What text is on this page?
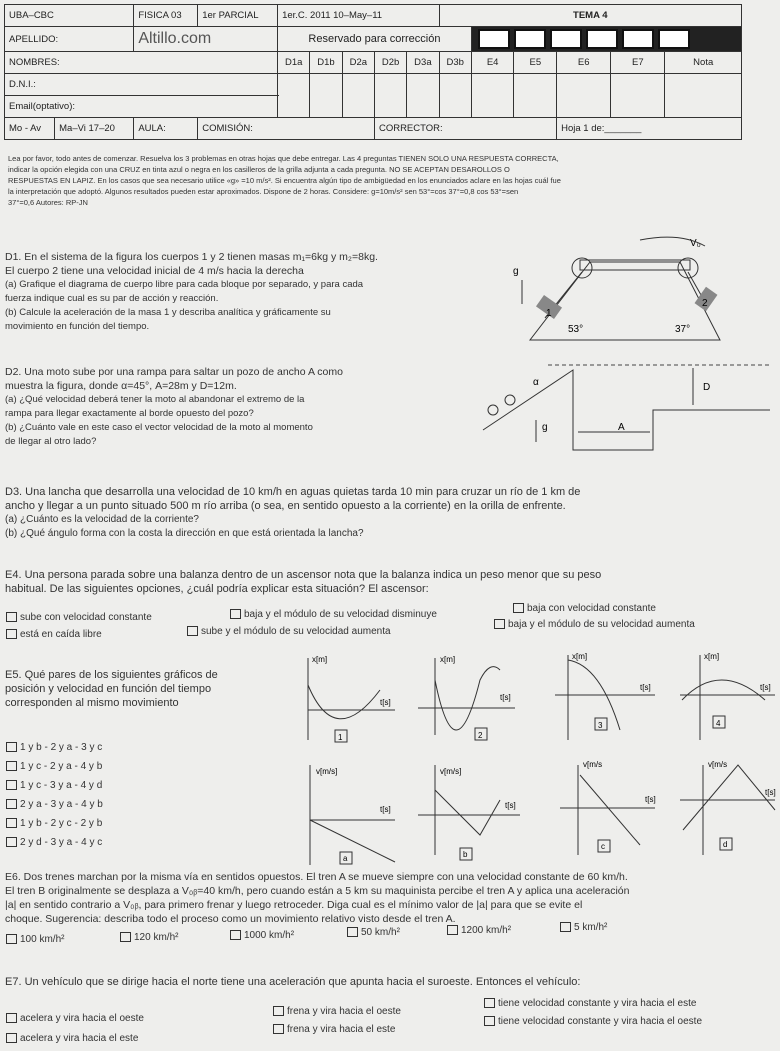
UBA–CBC		FISICA 03	1er PARCIAL	1er.C. 2011 10–May–11					TEMA 4					
APELLIDO:		Altillo.com		Reservado para corrección										
NOMBRES:				D1a	D1b	D2a	D2b	D3a	D3b	E4	E5	E6	E7	Nota
D.N.I.:														
Email(optativo):														
Mo - Av	Ma–Vi 17–20	AULA:	COMISIÓN:				CORRECTOR:					Hoja 1 de:_______		
Lea por favor, todo antes de comenzar. Resuelva los 3 problemas en otras hojas que debe entregar. Las 4 preguntas TIENEN SOLO UNA RESPUESTA CORRECTA,
indicar la opción elegida con una CRUZ en tinta azul o negra en los casilleros de la grilla adjunta a cada pregunta. NO SE ACEPTAN DESAROLLOS O
RESPUESTAS EN LAPIZ. En los casos que sea necesario utilice «g» =10 m/s². Si encuentra algún tipo de ambigüedad en los enunciados aclare en las hojas cuál fue
la interpretación que adoptó. Algunos resultados pueden estar aproximados. Dispone de 2 horas. Considere: g=10m/s² sen 53°=cos 37°=0,8 cos 53°=sen
37°=0,6 Autores: RP-JN
D1. En el sistema de la figura los cuerpos 1 y 2 tienen masas m₁=6kg y m₂=8kg.
El cuerpo 2 tiene una velocidad inicial de 4 m/s hacia la derecha
(a) Grafique el diagrama de cuerpo libre para cada bloque por separado, y para cada
fuerza indique cual es su par de acción y reacción.
(b) Calcule la aceleración de la masa 1 y describa analítica y gráficamente su
movimiento en función del tiempo.
V₀
g
1
2
53°	37°
D2. Una moto sube por una rampa para saltar un pozo de ancho A como
muestra la figura, donde α=45°, A=28m y D=12m.
(a) ¿Qué velocidad deberá tener la moto al abandonar el extremo de la
rampa para llegar exactamente al borde opuesto del pozo?
(b) ¿Cuánto vale en este caso el vector velocidad de la moto al momento
de llegar al otro lado?
α	D
g	A
D3. Una lancha que desarrolla una velocidad de 10 km/h en aguas quietas tarda 10 min para cruzar un río de 1 km de
ancho y llegar a un punto situado 500 m río arriba (o sea, en sentido opuesto a la corriente) en la orilla de enfrente.
(a) ¿Cuánto es la velocidad de la corriente?
(b) ¿Qué ángulo forma con la costa la dirección en que está orientada la lancha?
E4. Una persona parada sobre una balanza dentro de un ascensor nota que la balanza indica un peso menor que su peso
habitual. De las siguientes opciones, ¿cuál podría explicar esta situación? El ascensor:
sube con velocidad constante	baja y el módulo de su velocidad disminuye
baja con velocidad constante
está en caída libre	sube y el módulo de su velocidad aumenta
baja y el módulo de su velocidad aumenta
E5. Qué pares de los siguientes gráficos de
posición y velocidad en función del tiempo
corresponden al mismo movimiento
1 y b - 2 y a - 3 y c
1 y c - 2 y a - 4 y b
1 y c - 3 y a - 4 y d
2 y a - 3 y a - 4 y b
1 y b - 2 y c - 2 y b
2 y d - 3 y a - 4 y c
x[m]
t[s]
1
x[m]
t[s]
2
x[m]
t[s]
3
x[m]
t[s]
4
v[m/s]
t[s]
a
v[m/s]
t[s]
b
v[m/s
t[s]
c
v[m/s
t[s]
d
E6. Dos trenes marchan por la misma vía en sentidos opuestos. El tren A se mueve siempre con una velocidad constante de 60 km/h.
El tren B originalmente se desplaza a V₀ᵦ=40 km/h, pero cuando están a 5 km su maquinista percibe el tren A y aplica una aceleración
|a| en sentido contrario a V₀ᵦ, para primero frenar y luego retroceder. Diga cual es el mínimo valor de |a| para que se evite el
choque. Sugerencia: describa todo el proceso como un movimiento relativo visto desde el tren A.
100 km/h²	120 km/h²	1000 km/h²	50 km/h²	1200 km/h²	5 km/h²
E7. Un vehículo que se dirige hacia el norte tiene una aceleración que apunta hacia el suroeste. Entonces el vehículo:
acelera y vira hacia el oeste
frena y vira hacia el oeste
tiene velocidad constante y vira hacia el este
acelera y vira hacia el este
frena y vira hacia el este
tiene velocidad constante y vira hacia el oeste
